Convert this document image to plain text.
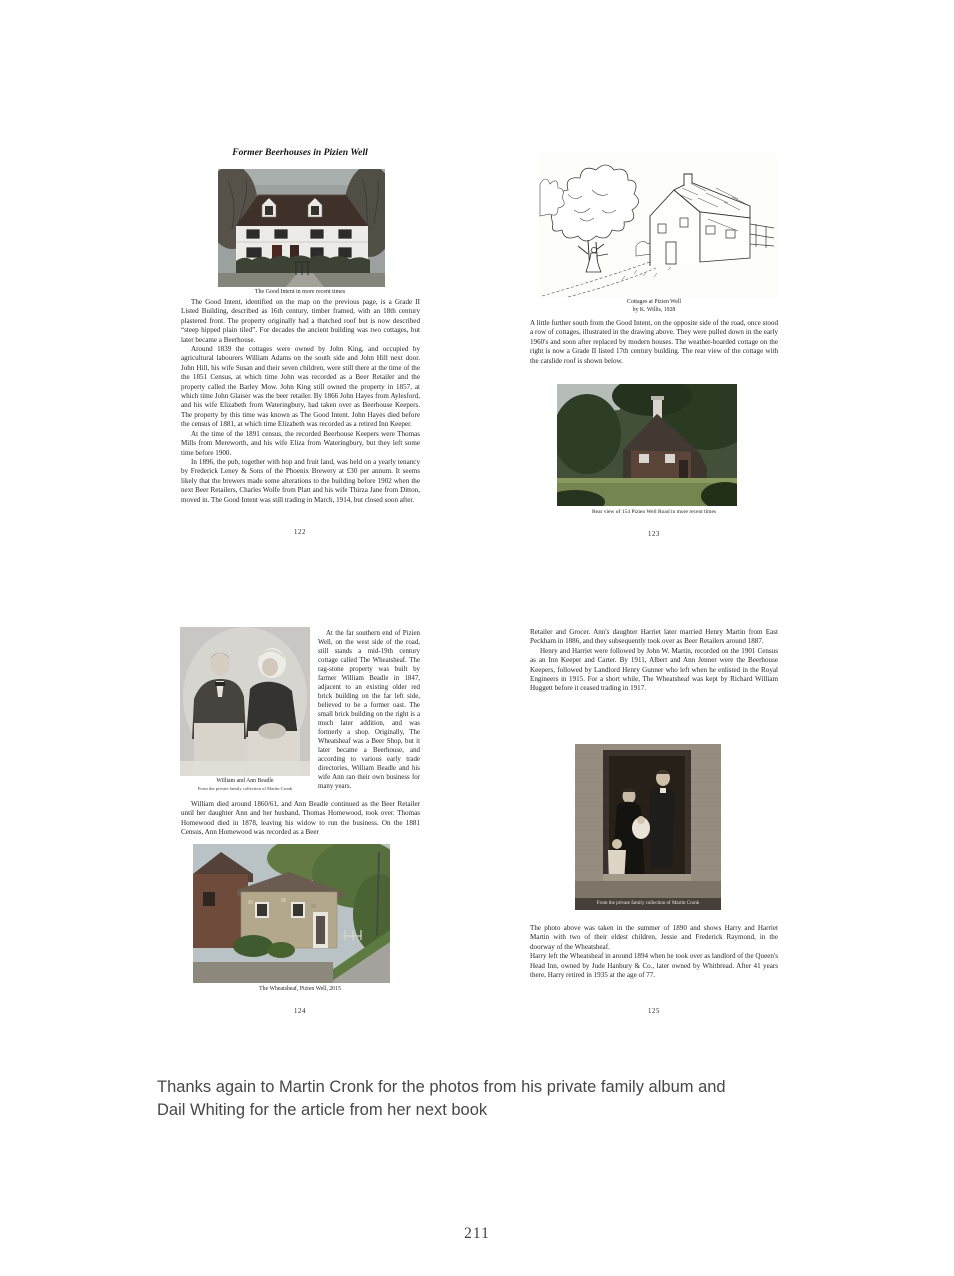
Former Beerhouses in Pizien Well
The Good Intent in more recent times

The Good Intent, identified on the map on the previous page, is a Grade II Listed Building, described as 16th century, timber framed, with an 18th century plastered front. The property originally had a thatched roof but is now described “steep hipped plain tiled”. For decades the ancient building was two cottages, but later became a Beerhouse.

Around 1839 the cottages were owned by John King, and occupied by agricultural labourers William Adams on the south side and John Hill next door. John Hill, his wife Susan and their seven children, were still there at the time of the the 1851 Census, at which time John was recorded as a Beer Retailer and the property called the Barley Mow. John King still owned the property in 1857, at which time John Glaiser was the beer retailer. By 1866 John Hayes from Aylesford, and his wife Elizabeth from Wateringbury, had taken over as Beerhouse Keepers. The property by this time was known as The Good Intent. John Hayes died before the census of 1881, at which time Elizabeth was recorded as a retired Inn Keeper.

At the time of the 1891 census, the recorded Beerhouse Keepers were Thomas Mills from Mereworth, and his wife Eliza from Wateringbury, but they left some time before 1900.

In 1896, the pub, together with hop and fruit land, was held on a yearly tenancy by Frederick Leney & Sons of the Phoenix Brewery at £30 per annum. It seems likely that the brewers made some alterations to the building before 1902 when the next Beer Retailers, Charles Wolfe from Platt and his wife Thirza Jane from Ditton, moved in. The Good Intent was still trading in March, 1914, but closed soon after.

122
Cottages at Pizien Well
by K. Willis, 1928

A little further south from the Good Intent, on the opposite side of the road, once stood a row of cottages, illustrated in the drawing above. They were pulled down in the early 1960's and soon after replaced by modern houses. The weather-boarded cottage on the right is now a Grade II listed 17th century building. The rear view of the cottage with the catslide roof is shown below.

Rear view of 154 Pizien Well Road in more recent times
123
William and Ann Beadle
From the private family collection of Martin Cronk

At the far southern end of Pizien Well, on the west side of the road, still stands a mid-19th century cottage called The Wheatsheaf. The rag-stone property was built by farmer William Beadle in 1847, adjacent to an existing older red brick building on the far left side, believed to be a former oast. The small brick building on the right is a much later addition, and was formerly a shop. Originally, The Wheatsheaf was a Beer Shop, but it later became a Beerhouse, and according to various early trade directories, William Beadle and his wife Ann ran their own business for many years.

William died around 1860/61, and Ann Beadle continued as the Beer Retailer until her daughter Ann and her husband, Thomas Homewood, took over. Thomas Homewood died in 1878, leaving his widow to run the business. On the 1881 Census, Ann Homewood was recorded as a Beer

The Wheatsheaf, Pizien Well, 2015
124

Retailer and Grocer. Ann's daughter Harriet later married Henry Martin from East Peckham in 1886, and they subsequently took over as Beer Retailers around 1887.

Henry and Harriet were followed by John W. Martin, recorded on the 1901 Census as an Inn Keeper and Carter. By 1911, Albert and Ann Jenner were the Beerhouse Keepers, followed by Landlord Henry Gunner who left when he enlisted in the Royal Engineers in 1915. For a short while, The Wheatsheaf was kept by Richard William Huggett before it ceased trading in 1917.

From the private family collection of Martin Cronk

The photo above was taken in the summer of 1890 and shows Harry and Harriet Martin with two of their eldest children, Jessie and Frederick Raymond, in the doorway of the Wheatsheaf.

Harry left the Wheatsheaf in around 1894 when he took over as landlord of the Queen's Head Inn, owned by Jude Hanbury & Co., later owned by Whitbread. After 41 years there, Harry retired in 1935 at the age of 77.

125
Thanks again to Martin Cronk for the photos from his private family album and Dail Whiting for the article from her next book
211
